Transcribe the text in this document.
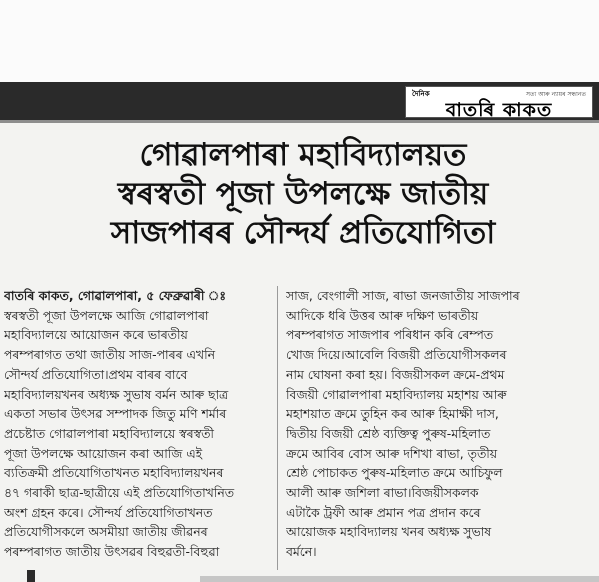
দৈনিক	সত্য আৰু ন্যায়ৰ সন্ধানত
বাতৰি কাকত
গোৱালপাৰা মহাবিদ্যালয়ত
স্বৰস্বতী পূজা উপলক্ষে জাতীয়
সাজপাৰৰ সৌন্দৰ্য প্ৰতিযোগিতা
বাতৰি কাকত, গোৱালপাৰা, ৫ ফেব্ৰুৱাৰী ঃ
স্বৰস্বতী পূজা উপলক্ষে আজি গোৱালপাৰা
মহাবিদ্যালয়ে আয়োজন কৰে ভাৰতীয়
পৰম্পৰাগত তথা জাতীয় সাজ-পাৰৰ এখনি
সৌন্দৰ্য প্ৰতিযোগিতা।প্ৰথম বাৰৰ বাবে
মহাবিদ্যালয়খনৰ অধ্যক্ষ সুভাষ বৰ্মন আৰু ছাত্ৰ
একতা সভাৰ উৎসৱ সম্পাদক জিতু মণি শৰ্মাৰ
প্ৰচেষ্টাত গোৱালপাৰা মহাবিদ্যালয়ে স্বৰস্বতী
পূজা উপলক্ষে আয়োজন কৰা আজি এই
ব্যতিক্ৰমী প্ৰতিযোগিতাখনত মহাবিদ্যালয়খনৰ
৪৭ গৰাকী ছাত্ৰ-ছাত্ৰীয়ে এই প্ৰতিযোগিতাখনিত
অংশ গ্ৰহন কৰে। সৌন্দৰ্য প্ৰতিযোগিতাখনত
প্ৰতিযোগীসকলে অসমীয়া জাতীয় জীৱনৰ
পৰম্পৰাগত জাতীয় উৎসৱৰ বিহুৱতী-বিহুৱা
সাজ, বেংগালী সাজ, ৰাভা জনজাতীয় সাজপাৰ
আদিকে ধৰি উত্তৰ আৰু দক্ষিণ ভাৰতীয়
পৰম্পৰাগত সাজপাৰ পৰিধান কৰি ৰেম্পত
খোজ দিয়ে।আবেলি বিজয়ী প্ৰতিযোগীসকলৰ
নাম ঘোষনা কৰা হয়। বিজয়ীসকল ক্ৰমে-প্ৰথম
বিজয়ী গোৱালপাৰা মহাবিদ্যালয় মহাশয় আৰু
মহাশয়াত ক্ৰমে তুহিন কৰ আৰু হিমাক্ষী দাস,
দ্বিতীয় বিজয়ী শ্ৰেষ্ঠ ব্যক্তিত্ব পুৰুষ-মহিলাত
ক্ৰমে আবিৰ বোস আৰু দশিখা ৰাভা, তৃতীয়
শ্ৰেষ্ঠ পোচাকত পুৰুষ-মহিলাত ক্ৰমে আচিফুল
আলী আৰু জশিলা ৰাভা।বিজয়ীসকলক
এটাকৈ ট্ৰফী আৰু প্ৰমান পত্ৰ প্ৰদান কৰে
আয়োজক মহাবিদ্যালয় খনৰ অধ্যক্ষ সুভাষ
বৰ্মনে।
